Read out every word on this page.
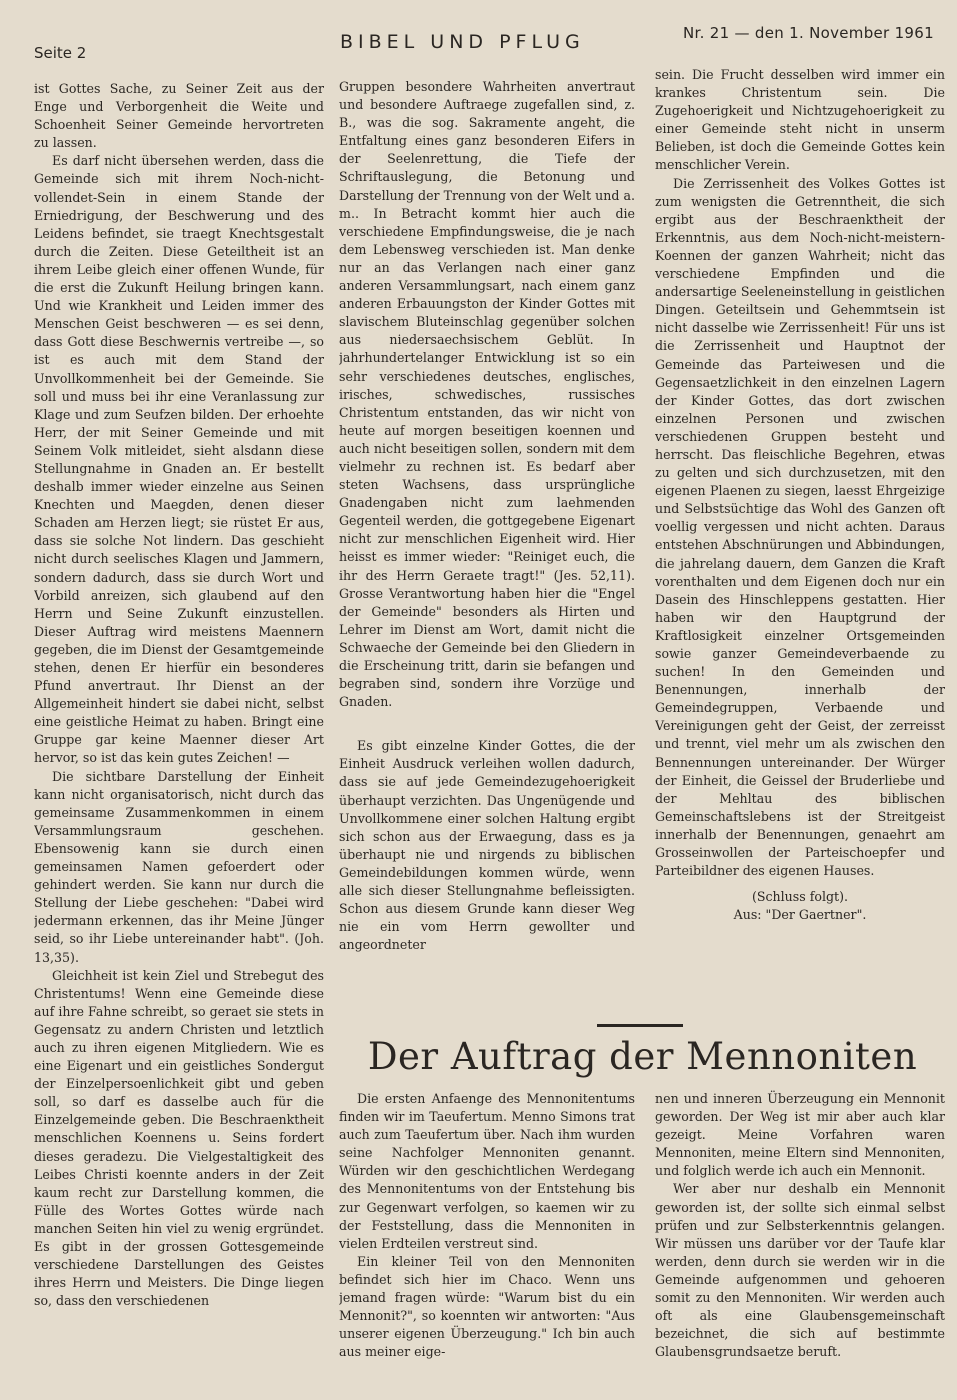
Seite 2	BIBEL UND PFLUG	Nr. 21 — den 1. November 1961

ist Gottes Sache, zu Seiner Zeit aus der Enge und Verborgenheit die Weite und Schoenheit Seiner Gemeinde hervortreten zu lassen.

Es darf nicht übersehen werden, dass die Gemeinde sich mit ihrem Noch-nicht-vollendet-Sein in einem Stande der Erniedrigung, der Beschwerung und des Leidens befindet, sie traegt Knechtsgestalt durch die Zeiten. Diese Geteiltheit ist an ihrem Leibe gleich einer offenen Wunde, für die erst die Zukunft Heilung bringen kann. Und wie Krankheit und Leiden immer des Menschen Geist beschweren — es sei denn, dass Gott diese Beschwernis vertreibe —, so ist es auch mit dem Stand der Unvollkommenheit bei der Gemeinde. Sie soll und muss bei ihr eine Veranlassung zur Klage und zum Seufzen bilden. Der erhoehte Herr, der mit Seiner Gemeinde und mit Seinem Volk mitleidet, sieht alsdann diese Stellungnahme in Gnaden an. Er bestellt deshalb immer wieder einzelne aus Seinen Knechten und Maegden, denen dieser Schaden am Herzen liegt; sie rüstet Er aus, dass sie solche Not lindern. Das geschieht nicht durch seelisches Klagen und Jammern, sondern dadurch, dass sie durch Wort und Vorbild anreizen, sich glaubend auf den Herrn und Seine Zukunft einzustellen. Dieser Auftrag wird meistens Maennern gegeben, die im Dienst der Gesamtgemeinde stehen, denen Er hierfür ein besonderes Pfund anvertraut. Ihr Dienst an der Allgemeinheit hindert sie dabei nicht, selbst eine geistliche Heimat zu haben. Bringt eine Gruppe gar keine Maenner dieser Art hervor, so ist das kein gutes Zeichen! —

Die sichtbare Darstellung der Einheit kann nicht organisatorisch, nicht durch das gemeinsame Zusammenkommen in einem Versammlungsraum geschehen. Ebensowenig kann sie durch einen gemeinsamen Namen gefoerdert oder gehindert werden. Sie kann nur durch die Stellung der Liebe geschehen: "Dabei wird jedermann erkennen, das ihr Meine Jünger seid, so ihr Liebe untereinander habt". (Joh. 13,35).

Gleichheit ist kein Ziel und Strebegut des Christentums! Wenn eine Gemeinde diese auf ihre Fahne schreibt, so geraet sie stets in Gegensatz zu andern Christen und letztlich auch zu ihren eigenen Mitgliedern. Wie es eine Eigenart und ein geistliches Sondergut der Einzelpersoenlichkeit gibt und geben soll, so darf es dasselbe auch für die Einzelgemeinde geben. Die Beschraenktheit menschlichen Koennens u. Seins fordert dieses geradezu. Die Vielgestaltigkeit des Leibes Christi koennte anders in der Zeit kaum recht zur Darstellung kommen, die Fülle des Wortes Gottes würde nach manchen Seiten hin viel zu wenig ergründet. Es gibt in der grossen Gottesgemeinde verschiedene Darstellungen des Geistes ihres Herrn und Meisters. Die Dinge liegen so, dass den verschiedenen

Gruppen besondere Wahrheiten anvertraut und besondere Auftraege zugefallen sind, z. B., was die sog. Sakramente angeht, die Entfaltung eines ganz besonderen Eifers in der Seelenrettung, die Tiefe der Schriftauslegung, die Betonung und Darstellung der Trennung von der Welt und a. m.. In Betracht kommt hier auch die verschiedene Empfindungsweise, die je nach dem Lebensweg verschieden ist. Man denke nur an das Verlangen nach einer ganz anderen Versammlungsart, nach einem ganz anderen Erbauungston der Kinder Gottes mit slavischem Blutеinschlag gegenüber solchen aus niedersaechsischem Geblüt. In jahrhundertelanger Entwicklung ist so ein sehr verschiedenes deutsches, englisches, irisches, schwedisches, russisches Christentum entstanden, das wir nicht von heute auf morgen beseitigen koennen und auch nicht beseitigen sollen, sondern mit dem vielmehr zu rechnen ist. Es bedarf aber steten Wachsens, dass ursprüngliche Gnadengaben nicht zum laehmenden Gegenteil werden, die gottgegebene Eigenart nicht zur menschlichen Eigenheit wird. Hier heisst es immer wieder: "Reiniget euch, die ihr des Herrn Geraete tragt!" (Jes. 52,11). Grosse Verantwortung haben hier die "Engel der Gemeinde" besonders als Hirten und Lehrer im Dienst am Wort, damit nicht die Schwaeche der Gemeinde bei den Gliedern in die Erscheinung tritt, darin sie befangen und begraben sind, sondern ihre Vorzüge und Gnaden.

Es gibt einzelne Kinder Gottes, die der Einheit Ausdruck verleihen wollen dadurch, dass sie auf jede Gemeindezugehoerigkeit überhaupt verzichten. Das Ungenügende und Unvollkommene einer solchen Haltung ergibt sich schon aus der Erwaegung, dass es ja überhaupt nie und nirgends zu biblischen Gemeindebildungen kommen würde, wenn alle sich dieser Stellungnahme befleissigten. Schon aus diesem Grunde kann dieser Weg nie ein vom Herrn gewollter und angeordneter

sein. Die Frucht desselben wird immer ein krankes Christentum sein. Die Zugehoerigkeit und Nichtzugehoerigkeit zu einer Gemeinde steht nicht in unserm Belieben, ist doch die Gemeinde Gottes kein menschlicher Verein.

Die Zerrissenheit des Volkes Gottes ist zum wenigsten die Getrenntheit, die sich ergibt aus der Beschraenktheit der Erkenntnis, aus dem Noch-nicht-meistern-Koennen der ganzen Wahrheit; nicht das verschiedene Empfinden und die andersartige Seeleneinstellung in geistlichen Dingen. Geteiltsein und Gehemmtsein ist nicht dasselbe wie Zerrissenheit! Für uns ist die Zerrissenheit und Hauptnot der Gemeinde das Parteiwesen und die Gegensaetzlichkeit in den einzelnen Lagern der Kinder Gottes, das dort zwischen einzelnen Personen und zwischen verschiedenen Gruppen besteht und herrscht. Das fleischliche Begehren, etwas zu gelten und sich durchzusetzen, mit den eigenen Plaenen zu siegen, laesst Ehrgeizige und Selbstsüchtige das Wohl des Ganzen oft voellig vergessen und nicht achten. Daraus entstehen Abschnürungen und Abbindungen, die jahrelang dauern, dem Ganzen die Kraft vorenthalten und dem Eigenen doch nur ein Dasein des Hinschleppens gestatten. Hier haben wir den Hauptgrund der Kraftlosigkeit einzelner Ortsgemeinden sowie ganzer Gemeindeverbaende zu suchen! In den Gemeinden und Benennungen, innerhalb der Gemeindegruppen, Verbaende und Vereinigungen geht der Geist, der zerreisst und trennt, viel mehr um als zwischen den Bennennungen untereinander. Der Würger der Einheit, die Geissel der Bruderliebe und der Mehltau des biblischen Gemeinschaftslebens ist der Streitgeist innerhalb der Benennungen, genaehrt am Grosseinwollen der Parteischoepfer und Parteibildner des eigenen Hauses.

(Schluss folgt).

Aus: "Der Gaertner".

Der Auftrag der Mennoniten

Die ersten Anfaenge des Mennonitentums finden wir im Taeufertum. Menno Simons trat auch zum Taeufertum über. Nach ihm wurden seine Nachfolger Mennoniten genannt. Würden wir den geschichtlichen Werdegang des Mennonitentums von der Entstehung bis zur Gegenwart verfolgen, so kaemen wir zu der Feststellung, dass die Mennoniten in vielen Erdteilen verstreut sind.

Ein kleiner Teil von den Mennoniten befindet sich hier im Chaco. Wenn uns jemand fragen würde: "Warum bist du ein Mennonit?", so koennten wir antworten: "Aus unserer eigenen Überzeugung." Ich bin auch aus meiner eige-

nen und inneren Überzeugung ein Mennonit geworden. Der Weg ist mir aber auch klar gezeigt. Meine Vorfahren waren Mennoniten, meine Eltern sind Mennoniten, und folglich werde ich auch ein Mennonit.

Wer aber nur deshalb ein Mennonit geworden ist, der sollte sich einmal selbst prüfen und zur Selbsterkenntnis gelangen. Wir müssen uns darüber vor der Taufe klar werden, denn durch sie werden wir in die Gemeinde aufgenommen und gehoeren somit zu den Mennoniten. Wir werden auch oft als eine Glaubensgemeinschaft bezeichnet, die sich auf bestimmte Glaubensgrundsaetze beruft.
